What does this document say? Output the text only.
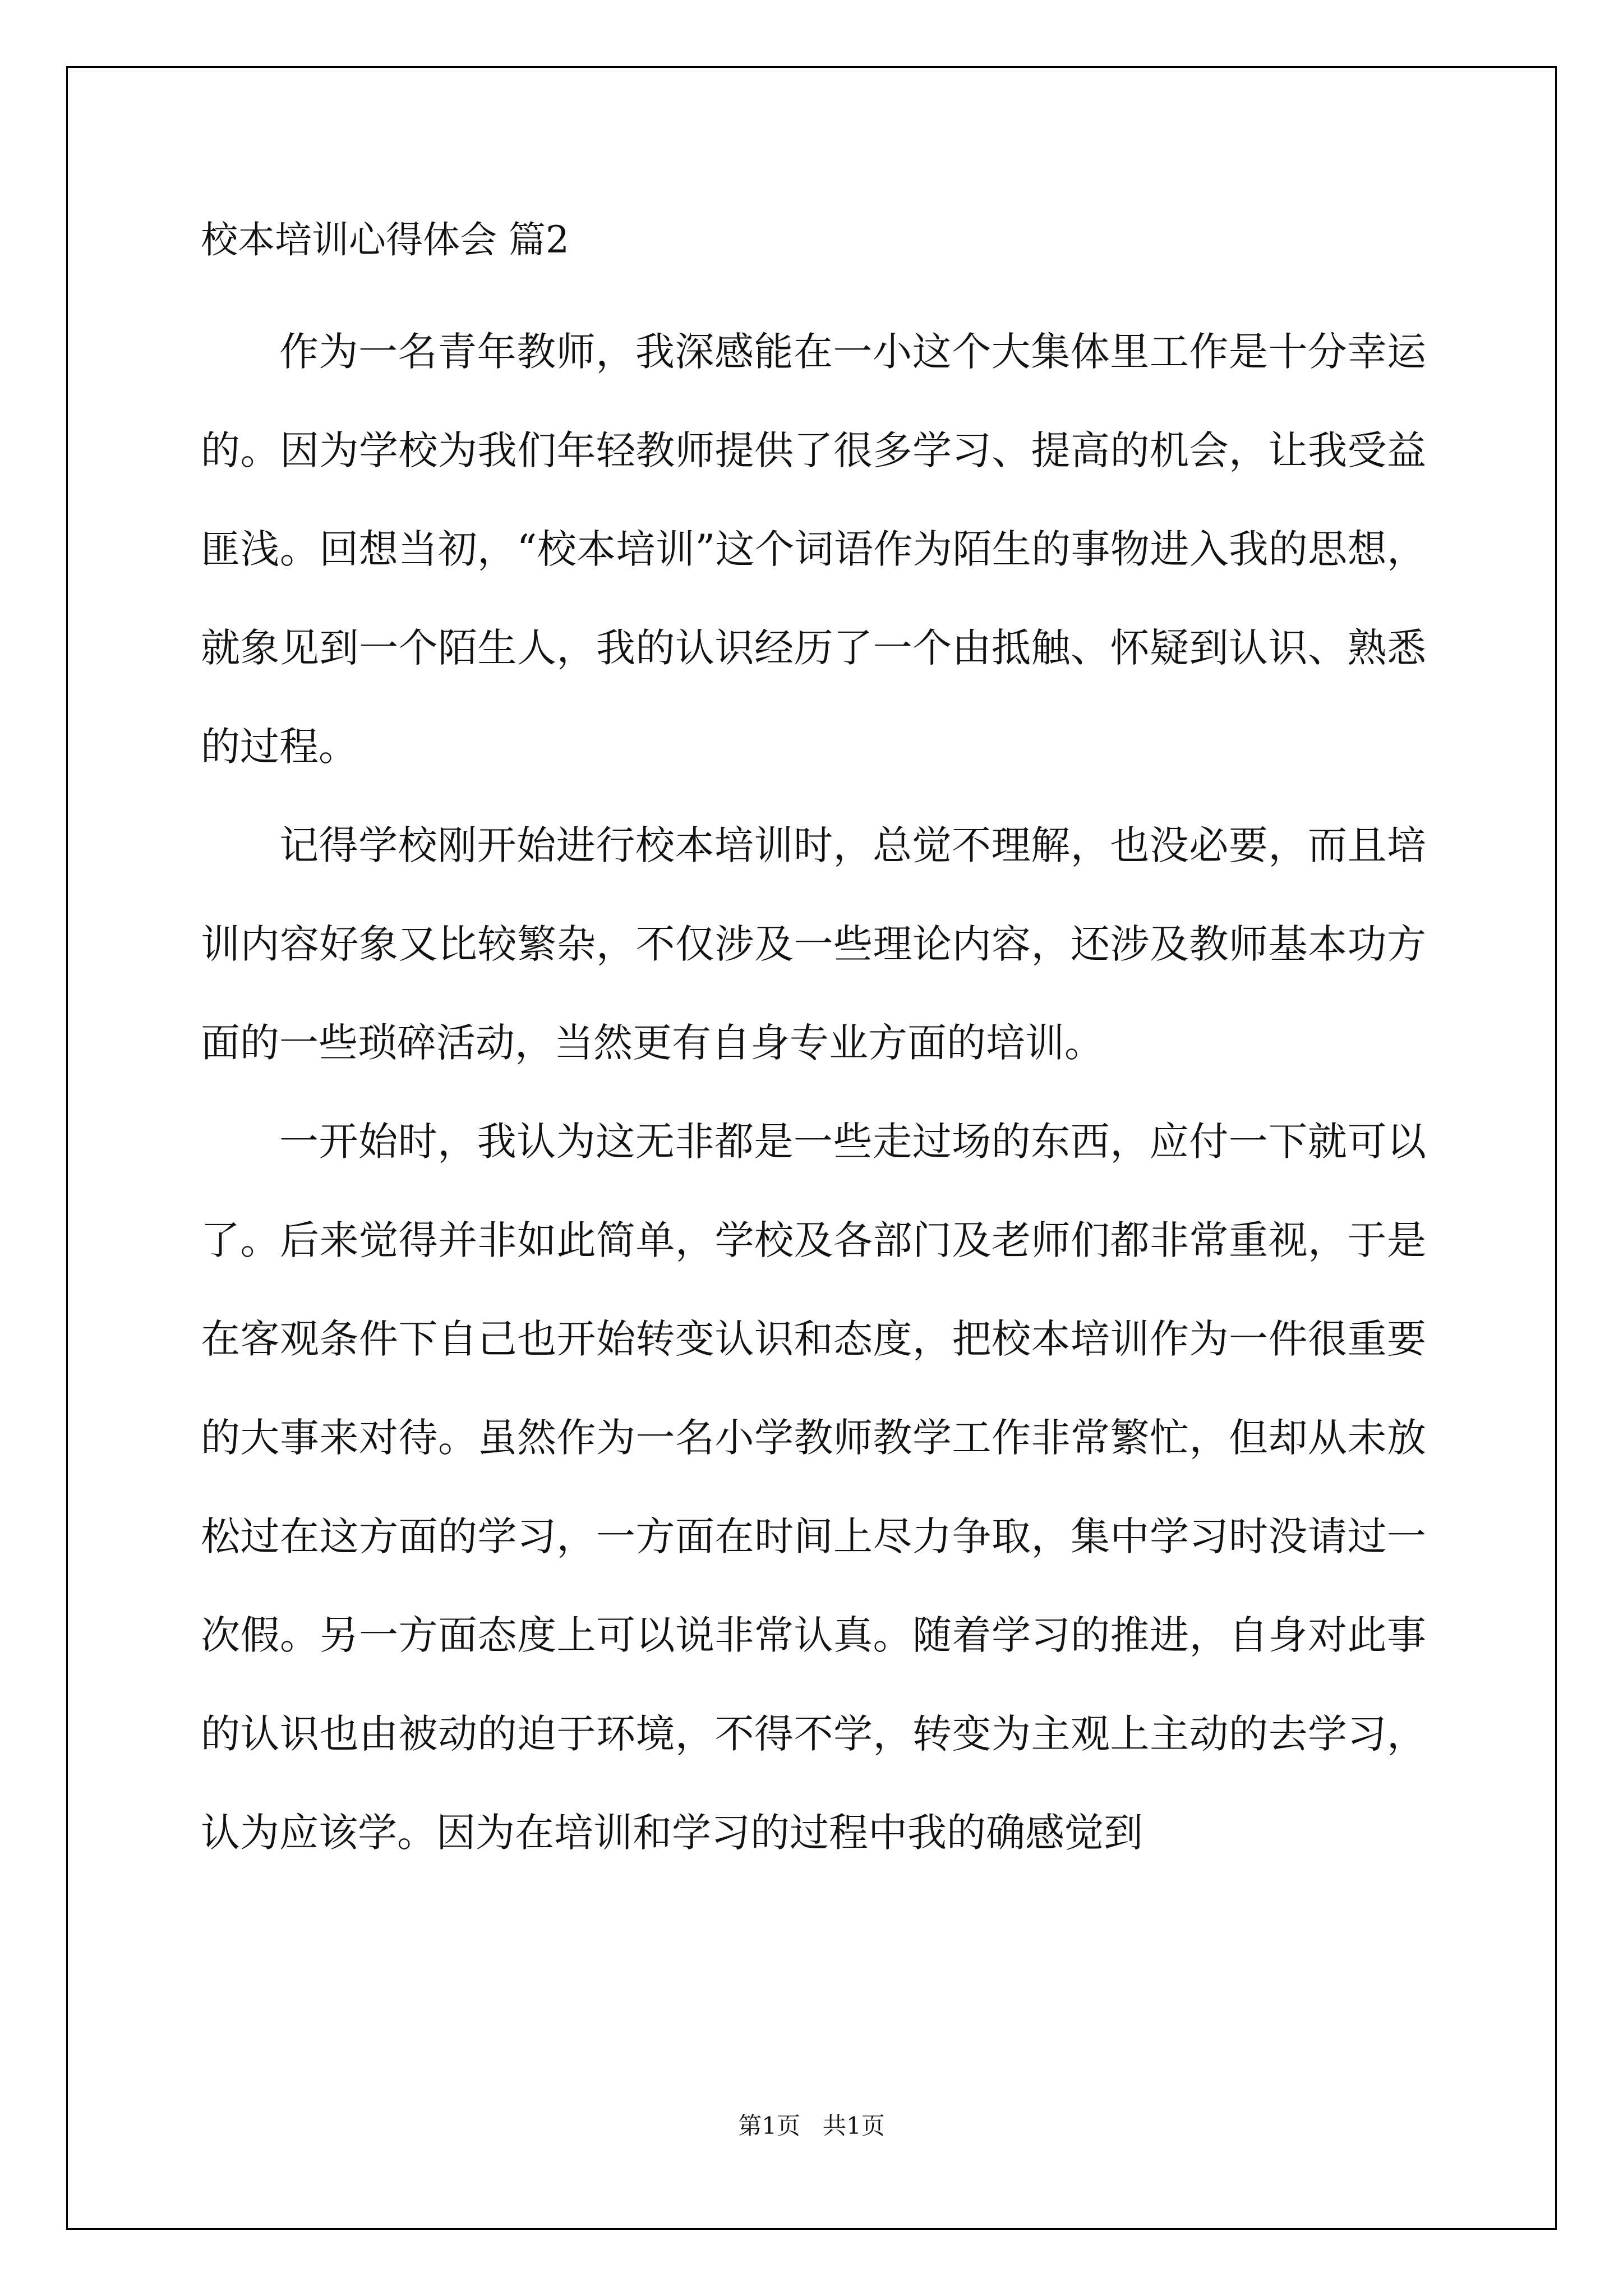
校本培训心得体会 篇2

作为一名青年教师，我深感能在一小这个大集体里工作是十分幸运的。因为学校为我们年轻教师提供了很多学习、提高的机会，让我受益匪浅。回想当初，“校本培训”这个词语作为陌生的事物进入我的思想，就象见到一个陌生人，我的认识经历了一个由抵触、怀疑到认识、熟悉的过程。

记得学校刚开始进行校本培训时，总觉不理解，也没必要，而且培训内容好象又比较繁杂，不仅涉及一些理论内容，还涉及教师基本功方面的一些琐碎活动，当然更有自身专业方面的培训。

一开始时，我认为这无非都是一些走过场的东西，应付一下就可以了。后来觉得并非如此简单，学校及各部门及老师们都非常重视，于是在客观条件下自己也开始转变认识和态度，把校本培训作为一件很重要的大事来对待。虽然作为一名小学教师教学工作非常繁忙，但却从未放松过在这方面的学习，一方面在时间上尽力争取，集中学习时没请过一次假。另一方面态度上可以说非常认真。随着学习的推进，自身对此事的认识也由被动的迫于环境，不得不学，转变为主观上主动的去学习，认为应该学。因为在培训和学习的过程中我的确感觉到

第1页   共1页
